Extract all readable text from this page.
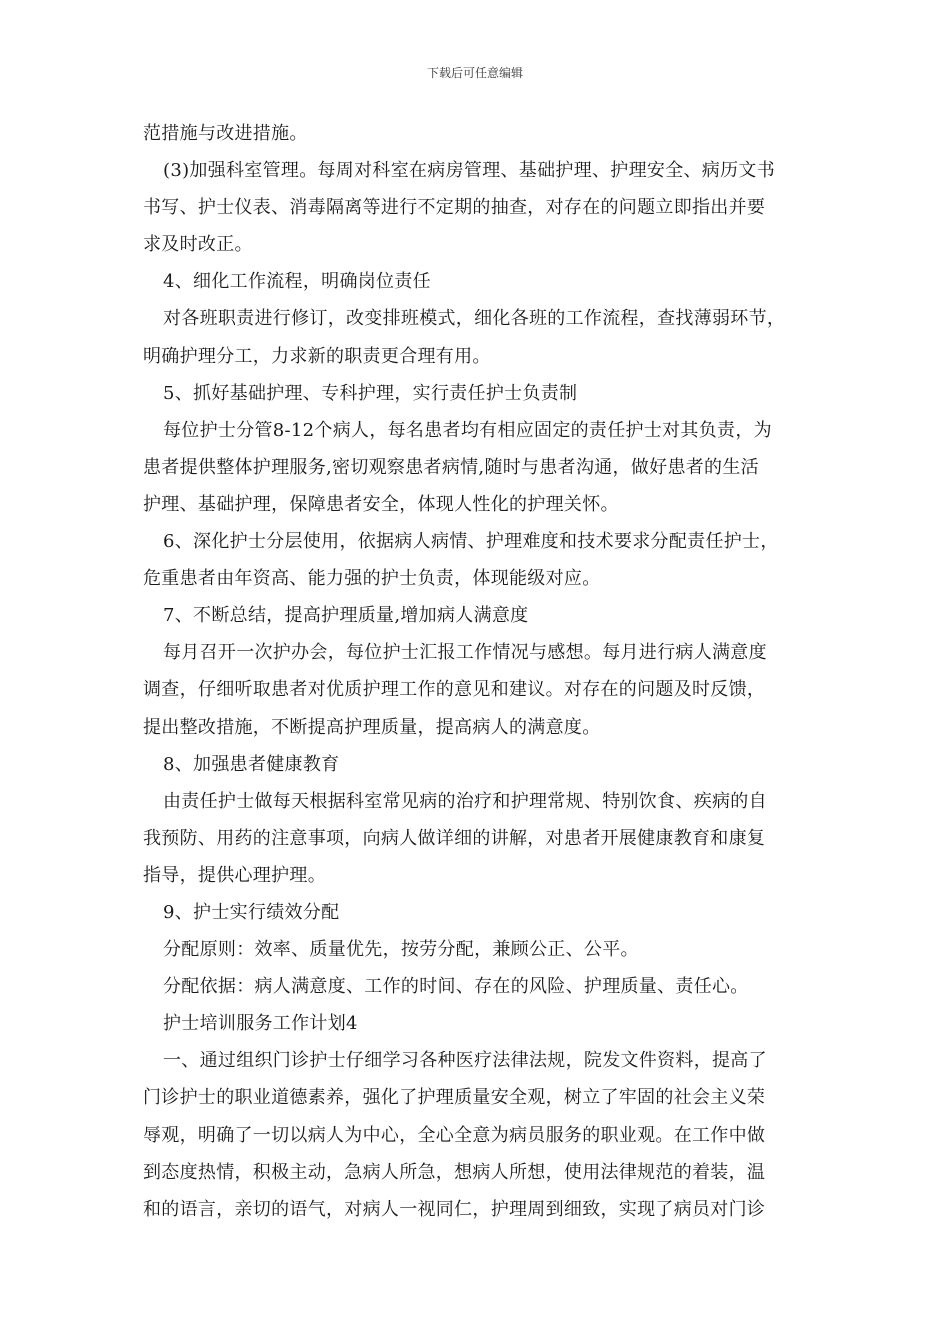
下载后可任意编辑
范措施与改进措施。
(3)加强科室管理。每周对科室在病房管理、基础护理、护理安全、病历文书
书写、护士仪表、消毒隔离等进行不定期的抽查，对存在的问题立即指出并要
求及时改正。
4、细化工作流程，明确岗位责任
对各班职责进行修订，改变排班模式，细化各班的工作流程，查找薄弱环节，
明确护理分工，力求新的职责更合理有用。
5、抓好基础护理、专科护理，实行责任护士负责制
每位护士分管8-12个病人，每名患者均有相应固定的责任护士对其负责，为
患者提供整体护理服务,密切观察患者病情,随时与患者沟通，做好患者的生活
护理、基础护理，保障患者安全，体现人性化的护理关怀。
6、深化护士分层使用，依据病人病情、护理难度和技术要求分配责任护士，
危重患者由年资高、能力强的护士负责，体现能级对应。
7、不断总结，提高护理质量,增加病人满意度
每月召开一次护办会，每位护士汇报工作情况与感想。每月进行病人满意度
调查，仔细听取患者对优质护理工作的意见和建议。对存在的问题及时反馈，
提出整改措施，不断提高护理质量，提高病人的满意度。
8、加强患者健康教育
由责任护士做每天根据科室常见病的治疗和护理常规、特别饮食、疾病的自
我预防、用药的注意事项，向病人做详细的讲解，对患者开展健康教育和康复
指导，提供心理护理。
9、护士实行绩效分配
分配原则：效率、质量优先，按劳分配，兼顾公正、公平。
分配依据：病人满意度、工作的时间、存在的风险、护理质量、责任心。
护士培训服务工作计划4
一、通过组织门诊护士仔细学习各种医疗法律法规，院发文件资料，提高了
门诊护士的职业道德素养，强化了护理质量安全观，树立了牢固的社会主义荣
辱观，明确了一切以病人为中心，全心全意为病员服务的职业观。在工作中做
到态度热情，积极主动，急病人所急，想病人所想，使用法律规范的着装，温
和的语言，亲切的语气，对病人一视同仁，护理周到细致，实现了病员对门诊
